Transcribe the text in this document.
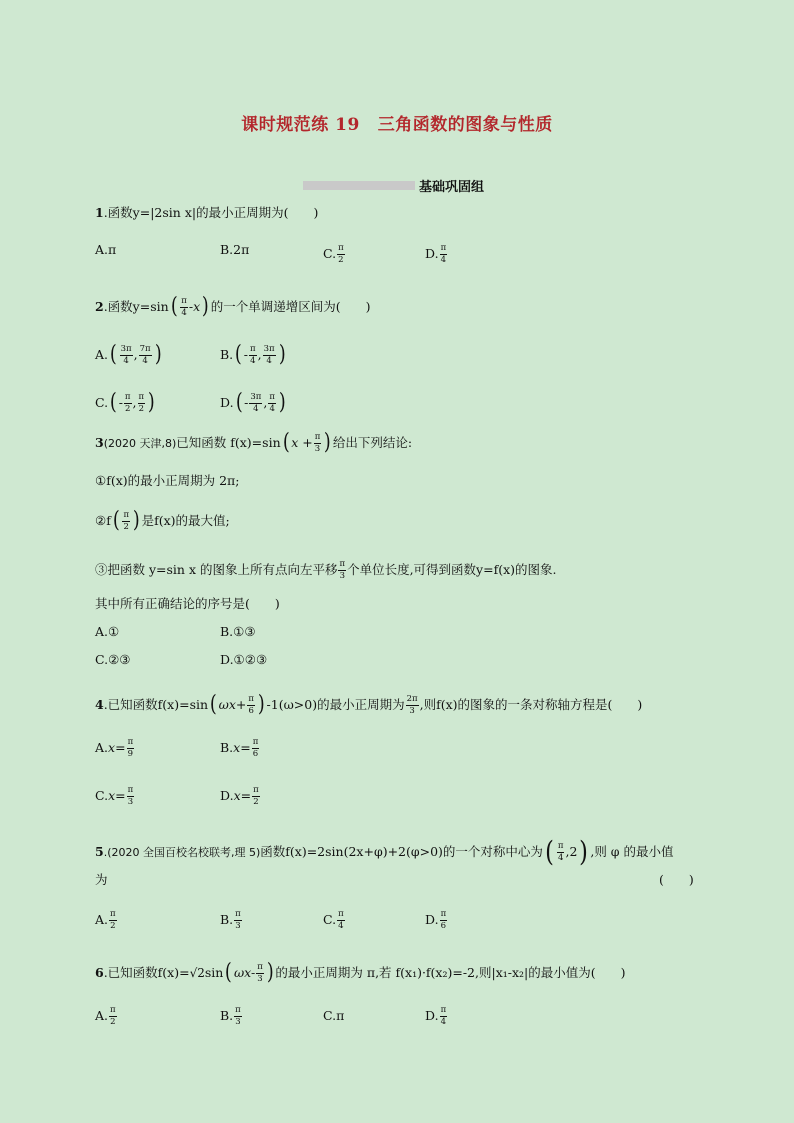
课时规范练 19 三角函数的图象与性质
基础巩固组
1 .函数y=|2sin x|的最小正周期为(　　)
A.π	B.2π	C. $\frac{\pi}{2}$	D. $\frac{\pi}{4}$
2 .函数y=sin ( $\frac{\pi}{4}$ - x ) 的一个单调递增区间为(　　)
A. ( $\frac{3\pi}{4}$ , $\frac{7\pi}{4}$ )	B. ( - $\frac{\pi}{4}$ , $\frac{3\pi}{4}$ )
C. ( - $\frac{\pi}{2}$ , $\frac{\pi}{2}$ )	D. ( - $\frac{3\pi}{4}$ , $\frac{\pi}{4}$ )
3 (2020 天津,8) 已知函数 f(x)=sin ( $x + \frac{\pi}{3}$ ) 给出下列结论:
①f(x)的最小正周期为 2π;
②f ( $\frac{\pi}{2}$ ) 是f(x)的最大值;
③把函数 y=sin x 的图象上所有点向左平移 $\frac{\pi}{3}$ 个单位长度,可得到函数y=f(x)的图象.
其中所有正确结论的序号是(　　)
A.①	B.①③
C.②③	D.①②③
4 .已知函数f(x)=sin ( $\omega x+ \frac{\pi}{6}$ ) -1(ω>0)的最小正周期为 $\frac{2\pi}{3}$ ,则f(x)的图象的一条对称轴方程是(　　)
A. $x = \frac{\pi}{9}$	B. $x = \frac{\pi}{6}$
C. $x = \frac{\pi}{3}$	D. $x = \frac{\pi}{2}$
5 .(2020 全国百校名校联考,理 5) 函数f(x)=2sin(2x+φ)+2(φ>0)的一个对称中心为 ( $\frac{\pi}{4} ,2$ ) ,则 φ 的最小值
为	(　　)
A. $\frac{\pi}{2}$	B. $\frac{\pi}{3}$	C. $\frac{\pi}{4}$	D. $\frac{\pi}{6}$
6 .已知函数f(x)= √2 sin ( $\omega x- \frac{\pi}{3}$ ) 的最小正周期为 π,若 f(x₁)·f(x₂)=-2,则|x₁-x₂|的最小值为(　　)
A. $\frac{\pi}{2}$	B. $\frac{\pi}{3}$	C.π	D. $\frac{\pi}{4}$
